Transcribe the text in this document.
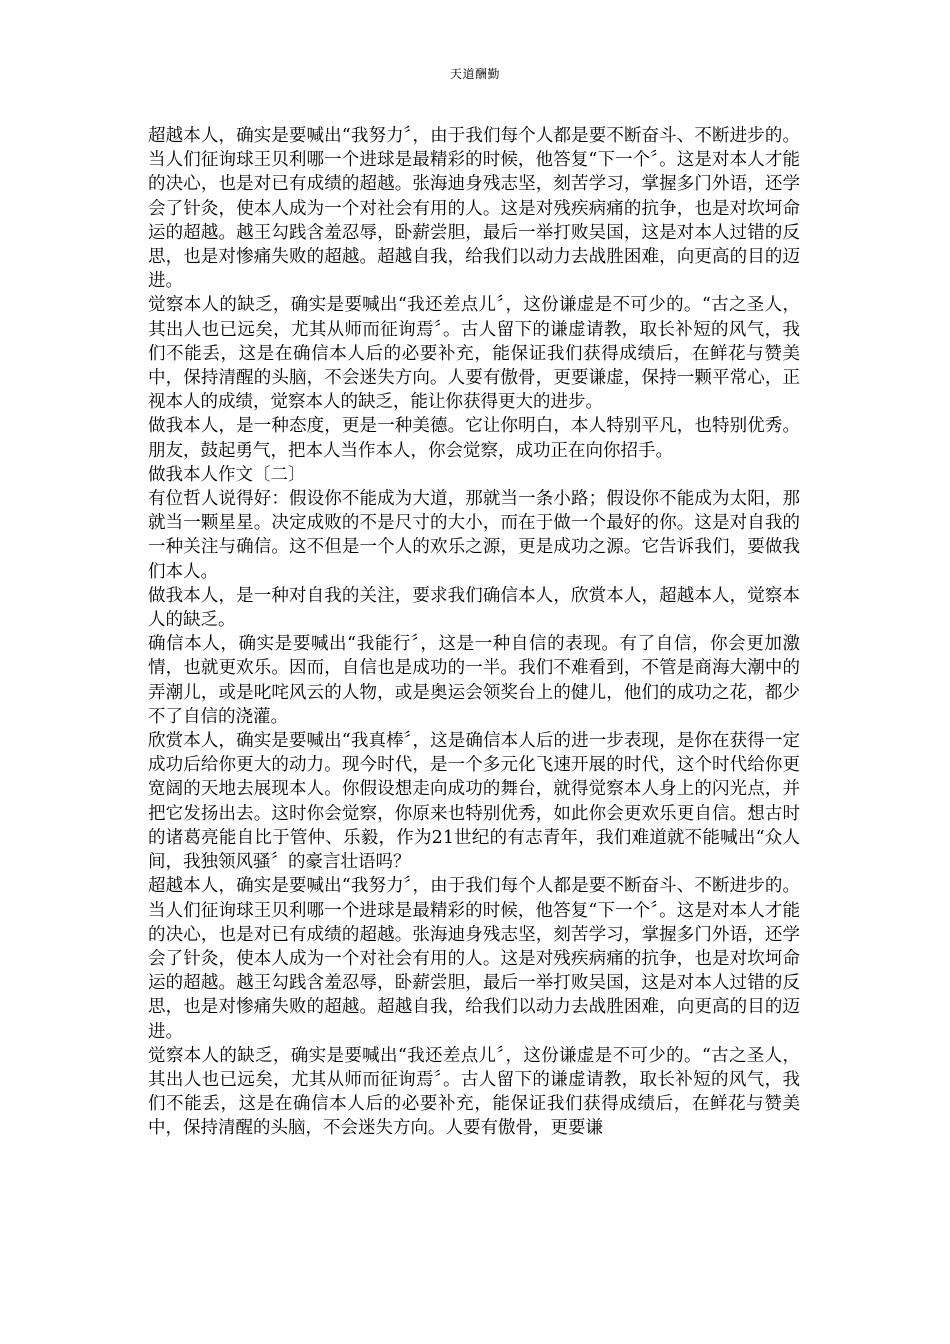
天道酬勤

超越本人，确实是要喊出“我努力〞，由于我们每个人都是要不断奋斗、不断进步的。当人们征询球王贝利哪一个进球是最精彩的时候，他答复“下一个〞。这是对本人才能的决心，也是对已有成绩的超越。张海迪身残志坚，刻苦学习，掌握多门外语，还学会了针灸，使本人成为一个对社会有用的人。这是对残疾病痛的抗争，也是对坎坷命运的超越。越王勾践含羞忍辱，卧薪尝胆，最后一举打败吴国，这是对本人过错的反思，也是对惨痛失败的超越。超越自我，给我们以动力去战胜困难，向更高的目的迈进。

觉察本人的缺乏，确实是要喊出“我还差点儿〞，这份谦虚是不可少的。“古之圣人，其出人也已远矣，尤其从师而征询焉〞。古人留下的谦虚请教，取长补短的风气，我们不能丢，这是在确信本人后的必要补充，能保证我们获得成绩后，在鲜花与赞美中，保持清醒的头脑，不会迷失方向。人要有傲骨，更要谦虚，保持一颗平常心，正视本人的成绩，觉察本人的缺乏，能让你获得更大的进步。

做我本人，是一种态度，更是一种美德。它让你明白，本人特别平凡，也特别优秀。朋友，鼓起勇气，把本人当作本人，你会觉察，成功正在向你招手。

做我本人作文〔二〕

有位哲人说得好：假设你不能成为大道，那就当一条小路；假设你不能成为太阳，那就当一颗星星。决定成败的不是尺寸的大小，而在于做一个最好的你。这是对自我的一种关注与确信。这不但是一个人的欢乐之源，更是成功之源。它告诉我们，要做我们本人。

做我本人，是一种对自我的关注，要求我们确信本人，欣赏本人，超越本人，觉察本人的缺乏。

确信本人，确实是要喊出“我能行〞，这是一种自信的表现。有了自信，你会更加激情，也就更欢乐。因而，自信也是成功的一半。我们不难看到，不管是商海大潮中的弄潮儿，或是叱咤风云的人物，或是奥运会领奖台上的健儿，他们的成功之花，都少不了自信的浇灌。

欣赏本人，确实是要喊出“我真棒〞，这是确信本人后的进一步表现，是你在获得一定成功后给你更大的动力。现今时代，是一个多元化飞速开展的时代，这个时代给你更宽阔的天地去展现本人。你假设想走向成功的舞台，就得觉察本人身上的闪光点，并把它发扬出去。这时你会觉察，你原来也特别优秀，如此你会更欢乐更自信。想古时的诸葛亮能自比于管仲、乐毅，作为21世纪的有志青年，我们难道就不能喊出“众人间，我独领风骚〞的豪言壮语吗？

超越本人，确实是要喊出“我努力〞，由于我们每个人都是要不断奋斗、不断进步的。当人们征询球王贝利哪一个进球是最精彩的时候，他答复“下一个〞。这是对本人才能的决心，也是对已有成绩的超越。张海迪身残志坚，刻苦学习，掌握多门外语，还学会了针灸，使本人成为一个对社会有用的人。这是对残疾病痛的抗争，也是对坎坷命运的超越。越王勾践含羞忍辱，卧薪尝胆，最后一举打败吴国，这是对本人过错的反思，也是对惨痛失败的超越。超越自我，给我们以动力去战胜困难，向更高的目的迈进。

觉察本人的缺乏，确实是要喊出“我还差点儿〞，这份谦虚是不可少的。“古之圣人，其出人也已远矣，尤其从师而征询焉〞。古人留下的谦虚请教，取长补短的风气，我们不能丢，这是在确信本人后的必要补充，能保证我们获得成绩后，在鲜花与赞美中，保持清醒的头脑，不会迷失方向。人要有傲骨，更要谦
